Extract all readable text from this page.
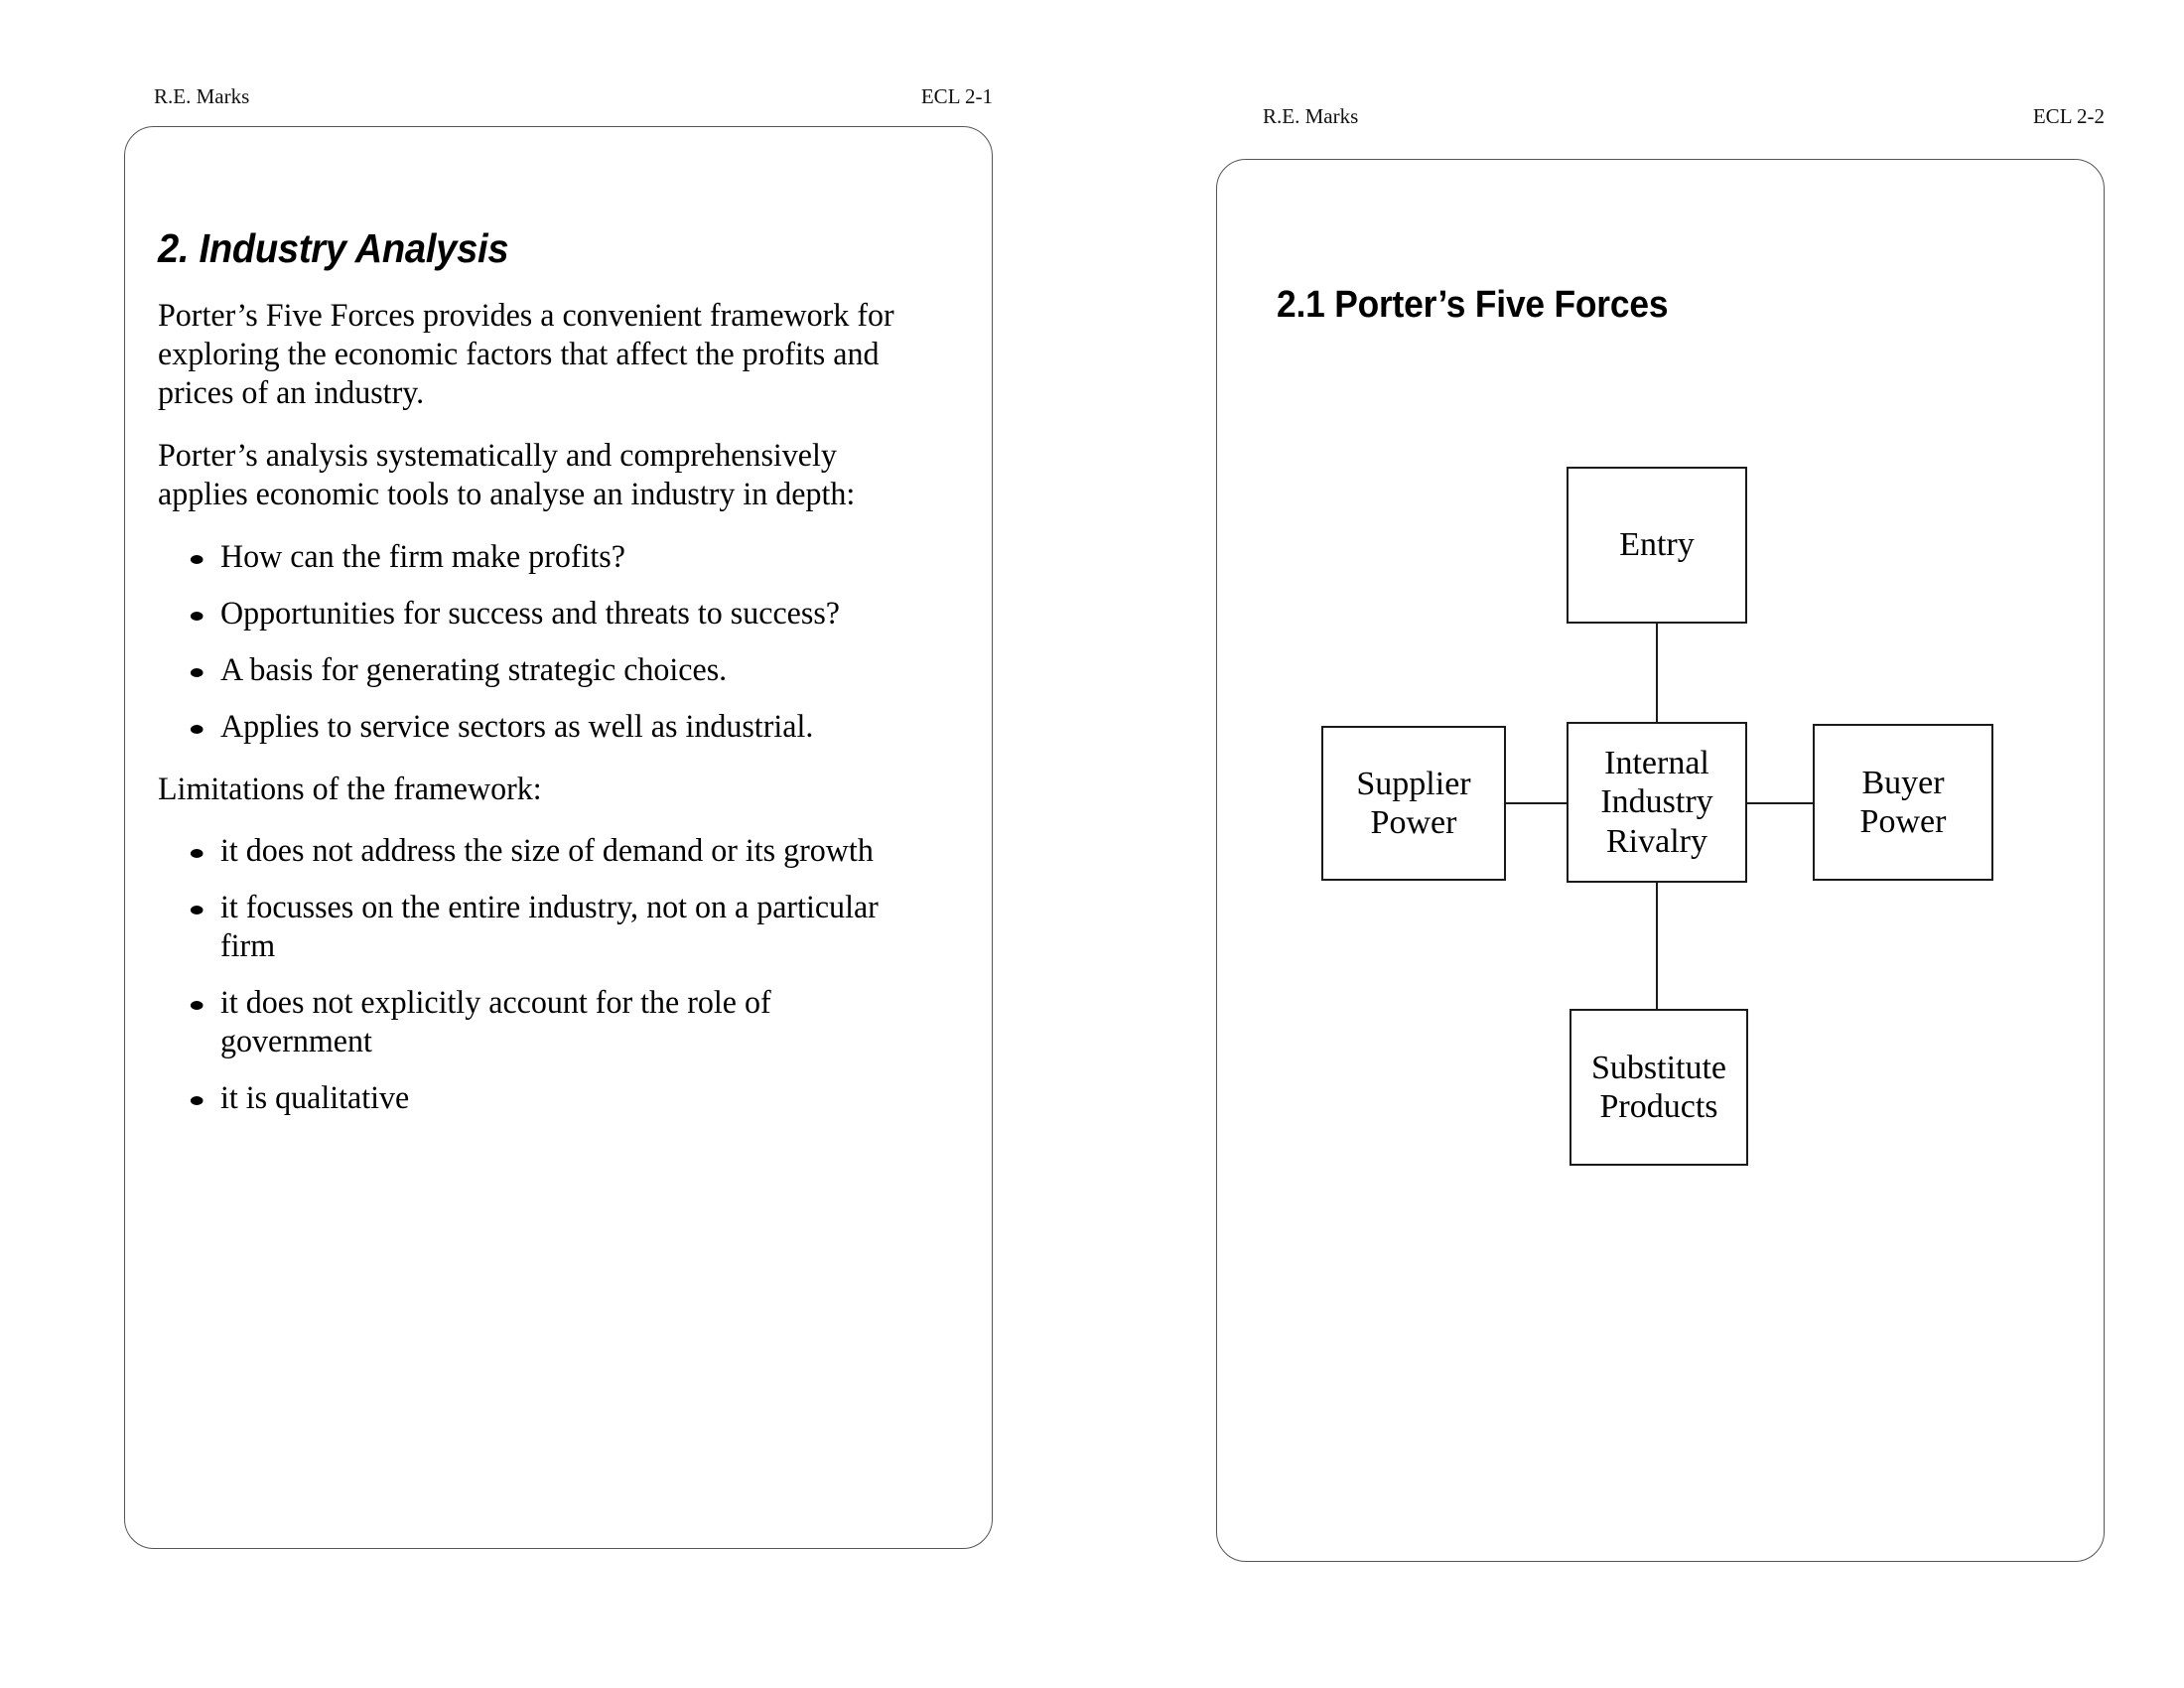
R.E. Marks	ECL 2-1
2. Industry Analysis

Porter’s Five Forces provides a convenient framework for exploring the economic factors that affect the profits and prices of an industry.

Porter’s analysis systematically and comprehensively applies economic tools to analyse an industry in depth:

How can the firm make profits?
Opportunities for success and threats to success?
A basis for generating strategic choices.
Applies to service sectors as well as industrial.

Limitations of the framework:

it does not address the size of demand or its growth
it focusses on the entire industry, not on a particular firm
it does not explicitly account for the role of government
it is qualitative
R.E. Marks	ECL 2-2
2.1 Porter’s Five Forces
Entry
Supplier Power
Internal Industry Rivalry
Buyer Power
Substitute Products
